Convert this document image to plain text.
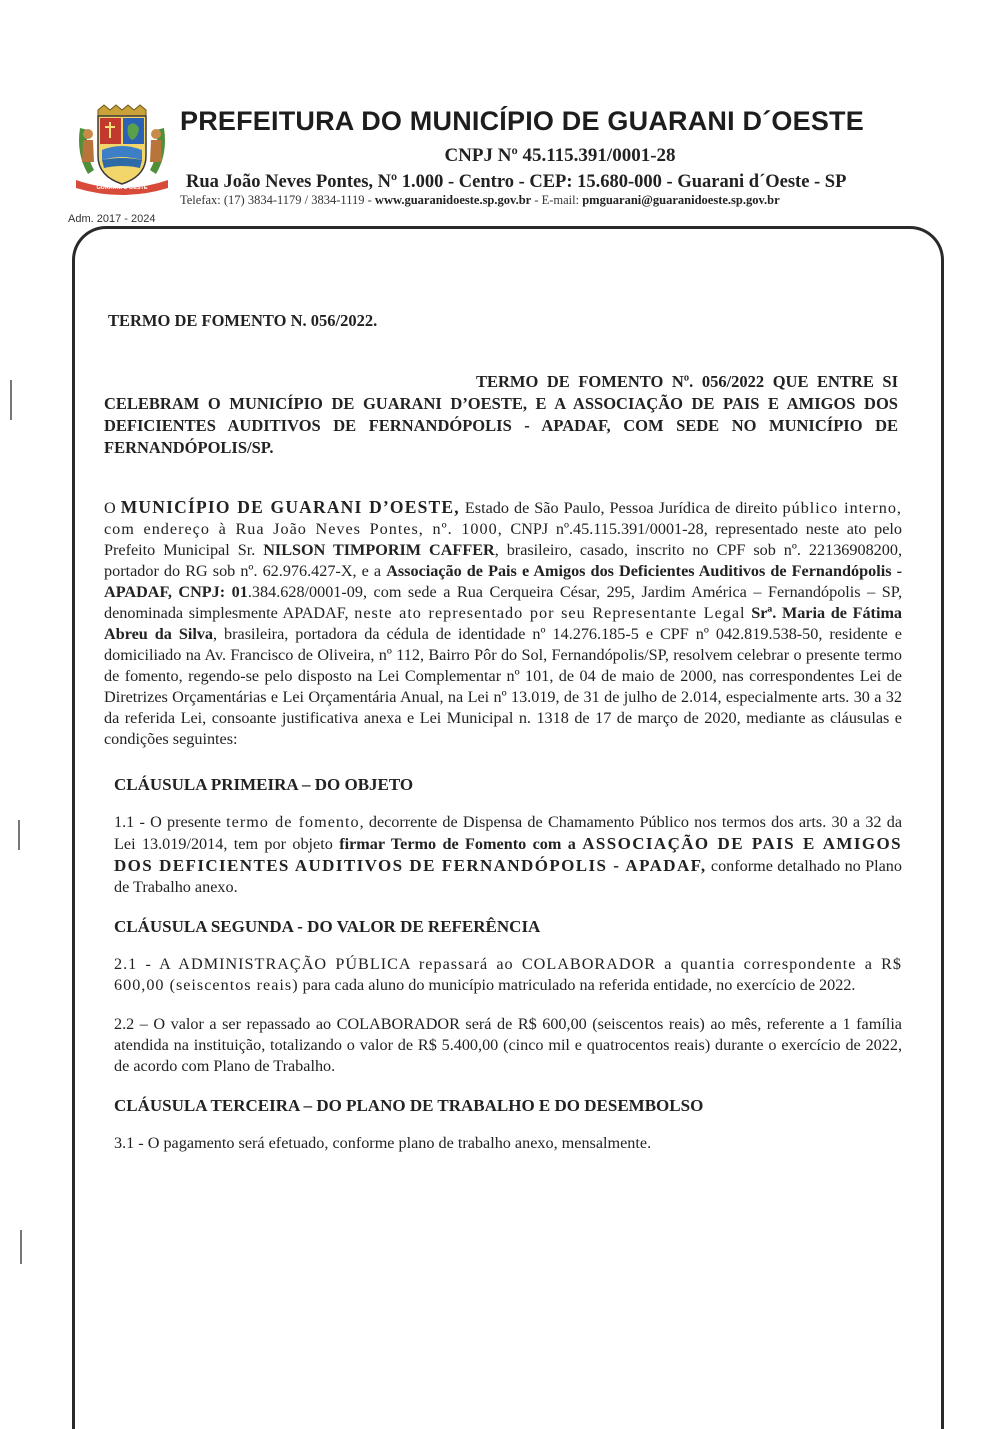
GUARANI D'OESTE
Adm. 2017 - 2024
PREFEITURA DO MUNICÍPIO DE GUARANI D´OESTE
CNPJ Nº 45.115.391/0001-28
Rua João Neves Pontes, Nº 1.000 - Centro - CEP: 15.680-000 - Guarani d´Oeste - SP
Telefax: (17) 3834-1179 / 3834-1119 - www.guaranidoeste.sp.gov.br - E-mail: pmguarani@guaranidoeste.sp.gov.br
TERMO DE FOMENTO N. 056/2022.
TERMO DE FOMENTO Nº. 056/2022 QUE ENTRE SI CELEBRAM O MUNICÍPIO DE GUARANI D’OESTE, E A ASSOCIAÇÃO DE PAIS E AMIGOS DOS DEFICIENTES AUDITIVOS DE FERNANDÓPOLIS - APADAF, COM SEDE NO MUNICÍPIO DE FERNANDÓPOLIS/SP.
O MUNICÍPIO DE GUARANI D’OESTE, Estado de São Paulo, Pessoa Jurídica de direito público interno, com endereço à Rua João Neves Pontes, nº. 1000, CNPJ nº.45.115.391/0001-28, representado neste ato pelo Prefeito Municipal Sr. NILSON TIMPORIM CAFFER, brasileiro, casado, inscrito no CPF sob nº. 22136908200, portador do RG sob nº. 62.976.427-X, e a Associação de Pais e Amigos dos Deficientes Auditivos de Fernandópolis - APADAF, CNPJ: 01.384.628/0001-09, com sede a Rua Cerqueira César, 295, Jardim América – Fernandópolis – SP, denominada simplesmente APADAF, neste ato representado por seu Representante Legal Srª. Maria de Fátima Abreu da Silva, brasileira, portadora da cédula de identidade nº 14.276.185-5 e CPF nº 042.819.538-50, residente e domiciliado na Av. Francisco de Oliveira, nº 112, Bairro Pôr do Sol, Fernandópolis/SP, resolvem celebrar o presente termo de fomento, regendo-se pelo disposto na Lei Complementar nº 101, de 04 de maio de 2000, nas correspondentes Lei de Diretrizes Orçamentárias e Lei Orçamentária Anual, na Lei nº 13.019, de 31 de julho de 2.014, especialmente arts. 30 a 32 da referida Lei, consoante justificativa anexa e Lei Municipal n. 1318 de 17 de março de 2020, mediante as cláusulas e condições seguintes:
CLÁUSULA PRIMEIRA – DO OBJETO
1.1 - O presente termo de fomento, decorrente de Dispensa de Chamamento Público nos termos dos arts. 30 a 32 da Lei 13.019/2014, tem por objeto firmar Termo de Fomento com a ASSOCIAÇÃO DE PAIS E AMIGOS DOS DEFICIENTES AUDITIVOS DE FERNANDÓPOLIS - APADAF, conforme detalhado no Plano de Trabalho anexo.
CLÁUSULA SEGUNDA - DO VALOR DE REFERÊNCIA
2.1 - A ADMINISTRAÇÃO PÚBLICA repassará ao COLABORADOR a quantia correspondente a R$ 600,00 (seiscentos reais) para cada aluno do município matriculado na referida entidade, no exercício de 2022.
2.2 – O valor a ser repassado ao COLABORADOR será de R$ 600,00 (seiscentos reais) ao mês, referente a 1 família atendida na instituição, totalizando o valor de R$ 5.400,00 (cinco mil e quatrocentos reais) durante o exercício de 2022, de acordo com Plano de Trabalho.
CLÁUSULA TERCEIRA – DO PLANO DE TRABALHO E DO DESEMBOLSO
3.1 - O pagamento será efetuado, conforme plano de trabalho anexo, mensalmente.
